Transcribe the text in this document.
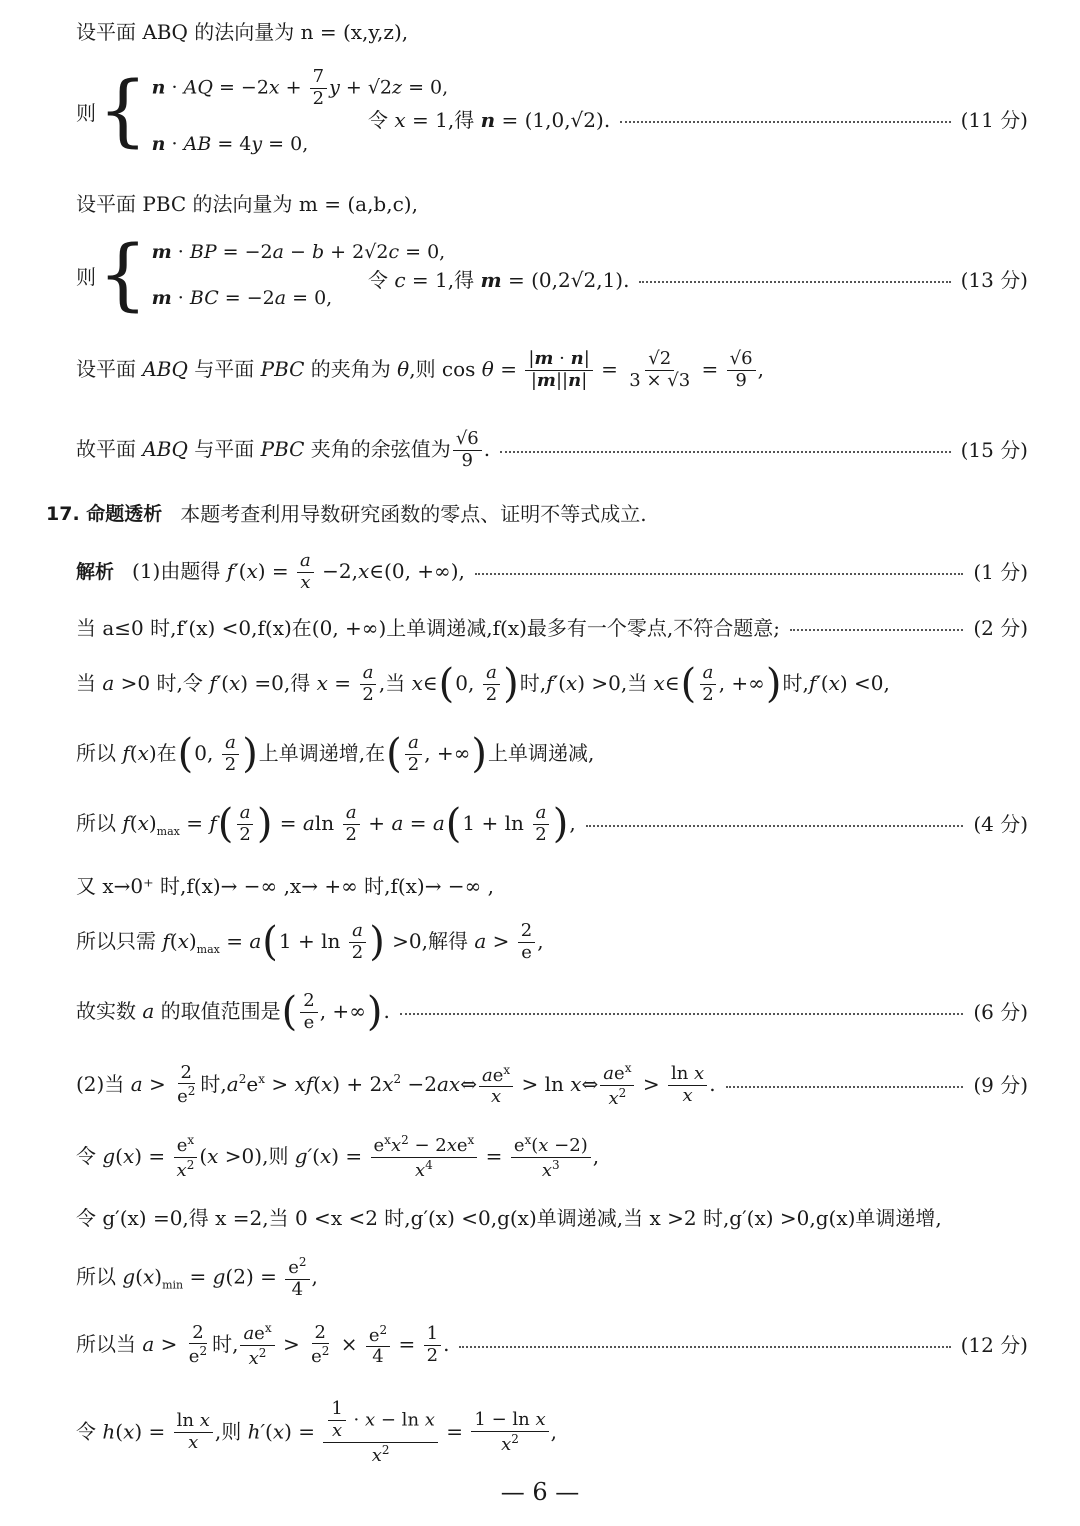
设平面 ABQ 的法向量为 n = (x,y,z),
则 { n · AQ = $-2x + \frac{7}{2}$ y + √2z = 0,
n · AB = 4y = 0,
令 x = 1,得 n = (1,0,√2).	(11 分)
设平面 PBC 的法向量为 m = (a,b,c),
则 { m · BP = −2a − b + 2√2c = 0,
m · BC = −2a = 0,
令 c = 1,得 m = (0,2√2,1).	(13 分)
设平面 ABQ 与平面 PBC 的夹角为 θ,则 $\cos \theta = \frac{|m \cdot n|}{|m||n|} = \frac{√2}{3 \times √3} = \frac{√6}{9}$ ,
故平面 ABQ 与平面 PBC 夹角的余弦值为 $\frac{√6}{9}$ .	(15 分)
17. 命题透析 本题考查利用导数研究函数的零点、证明不等式成立.
解析 (1)由题得 $f'(x) = \frac{a}{x}$ −2,x∈(0, +∞),	(1 分)
当 a≤0 时,f′(x) <0,f(x)在(0, +∞)上单调递减,f(x)最多有一个零点,不符合题意;	(2 分)
当 a >0 时,令 f′(x) =0,得 $x = \frac{a}{2}$ ,当 x∈(0, $\frac{a}{2}$ )时,f′(x) >0,当 x∈( $\frac{a}{2}$ , +∞)时,f′(x) <0,
所以 f(x)在(0, $\frac{a}{2}$ )上单调递增,在( $\frac{a}{2}$ , +∞)上单调递减,
所以 $f(x)_{max} = f( \frac{a}{2}$ ) = aln $\frac{a}{2} + a = a(1 + \ln \frac{a}{2}$ ),	(4 分)
又 x→0⁺ 时,f(x)→ −∞ ,x→ +∞ 时,f(x)→ −∞ ,
所以只需 $f(x)_{max} = a(1 + \ln \frac{a}{2}$ ) >0,解得 $a > \frac{2}{e}$ ,
故实数 a 的取值范围是( $\frac{2}{e}$ , +∞).	(6 分)
(2)当 $a > \frac{2}{e^2}$ 时$,a^2e^x > xf(x) + 2x^2$ −2ax⇔ $\frac{ae^x}{x} > \ln$ x⇔ $\frac{ae^x}{x^2} > \frac{\text{ln x}}{x}$ .	(9 分)
令 $g(x) = \frac{e^x}{x^2} (x >0)$,则 $g'(x) = \frac{e^xx^2 - 2xe^x}{x^4} = \frac{e^x(x -2)}{x^3}$ ,
令 g′(x) =0,得 x =2,当 0 <x <2 时,g′(x) <0,g(x)单调递减,当 x >2 时,g′(x) >0,g(x)单调递增,
所以 $g(x)_{min} = g(2) = \frac{e^2}{4}$ ,
所以当 $a > \frac{2}{e^2}$ 时, $\frac{ae^x}{x^2} > \frac{2}{e^2} \times \frac{e^2}{4} = \frac{1}{2}$ .	(12 分)
令 $h(x) = \frac{\text{ln x}}{x}$ ,则 $h'(x) = \frac{\frac{1}{x} \cdot x - \ln x}{x^2} = \frac{\text{1 − ln x}}{x^2}$ ,
— 6 —
